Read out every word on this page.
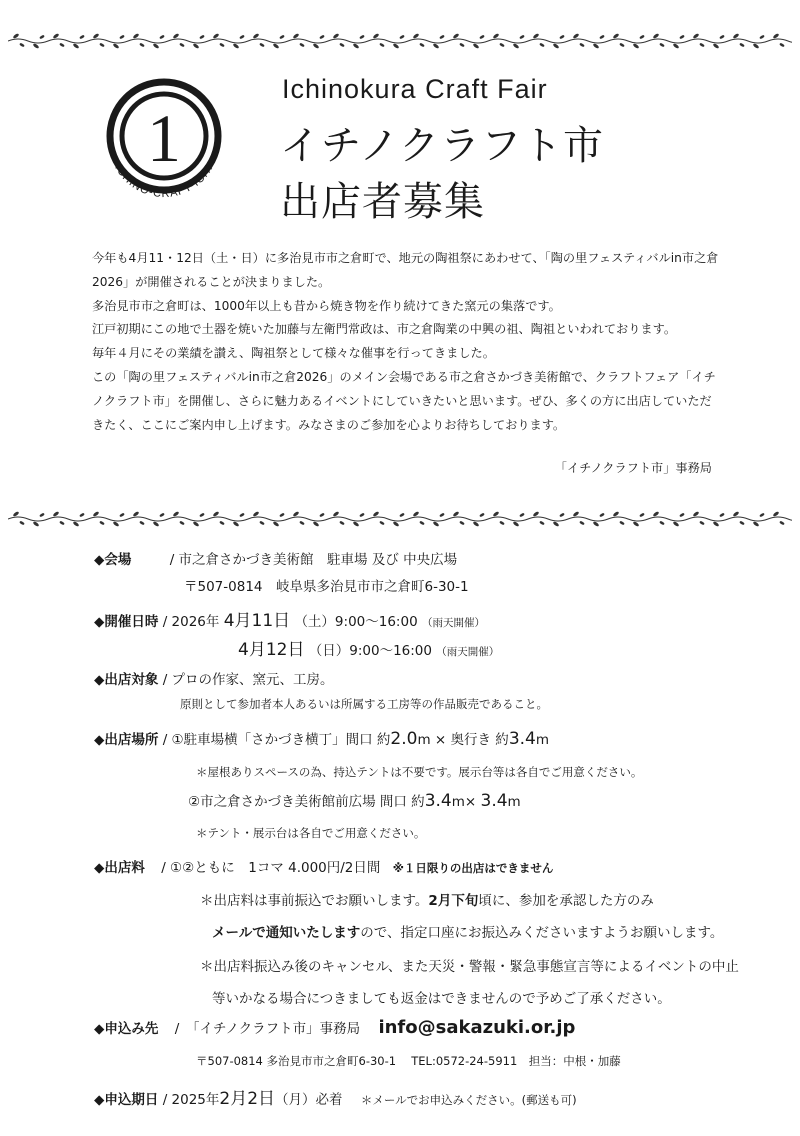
1
ICHINO-CRAFT-ICHI
Ichinokura Craft Fair
イチノクラフト市
出店者募集

今年も4月11・12日（土・日）に多治見市市之倉町で、地元の陶祖祭にあわせて、「陶の里フェスティバルin市之倉

2026」が開催されることが決まりました。

多治見市市之倉町は、1000年以上も昔から焼き物を作り続けてきた窯元の集落です。

江戸初期にこの地で土器を焼いた加藤与左衛門常政は、市之倉陶業の中興の祖、陶祖といわれております。

毎年４月にその業績を讃え、陶祖祭として様々な催事を行ってきました。

この「陶の里フェスティバルin市之倉2026」のメイン会場である市之倉さかづき美術館で、クラフトフェア「イチ

ノクラフト市」を開催し、さらに魅力あるイベントにしていきたいと思います。ぜひ、多くの方に出店していただ

きたく、ここにご案内申し上げます。みなさまのご参加を心よりお待ちしております。

「イチノクラフト市」事務局
◆会場	/ 市之倉さかづき美術館　駐車場 及び 中央広場
〒507-0814　岐阜県多治見市市之倉町6-30-1
◆開催日時 / 2026年 4月11日 （土）9:00～16:00 （雨天開催）
4月12日 （日）9:00～16:00 （雨天開催）
◆出店対象 / プロの作家、窯元、工房。
原則として参加者本人あるいは所属する工房等の作品販売であること。
◆出店場所 / ①駐車場横「さかづき横丁」間口 約2.0m × 奥行き 約3.4m
＊屋根ありスペースの為、持込テントは不要です。展示台等は各自でご用意ください。
②市之倉さかづき美術館前広場 間口 約3.4m× 3.4m
＊テント・展示台は各自でご用意ください。
◆出店料 / ①②ともに　1コマ 4.000円/2日間 ※１日限りの出店はできません
＊出店料は事前振込でお願いします。2月下旬頃に、参加を承認した方のみ
メールで通知いたしますので、指定口座にお振込みくださいますようお願いします。
＊出店料振込み後のキャンセル、また天災・警報・緊急事態宣言等によるイベントの中止
等いかなる場合につきましても返金はできませんので予めご了承ください。
◆申込み先 /　「イチノクラフト市」事務局 info@sakazuki.or.jp
〒507-0814 多治見市市之倉町6-30-1　 TEL:0572-24-5911　担当：中根・加藤
◆申込期日 / 2025年2月2日（月）必着 ＊メールでお申込みください。(郵送も可)
